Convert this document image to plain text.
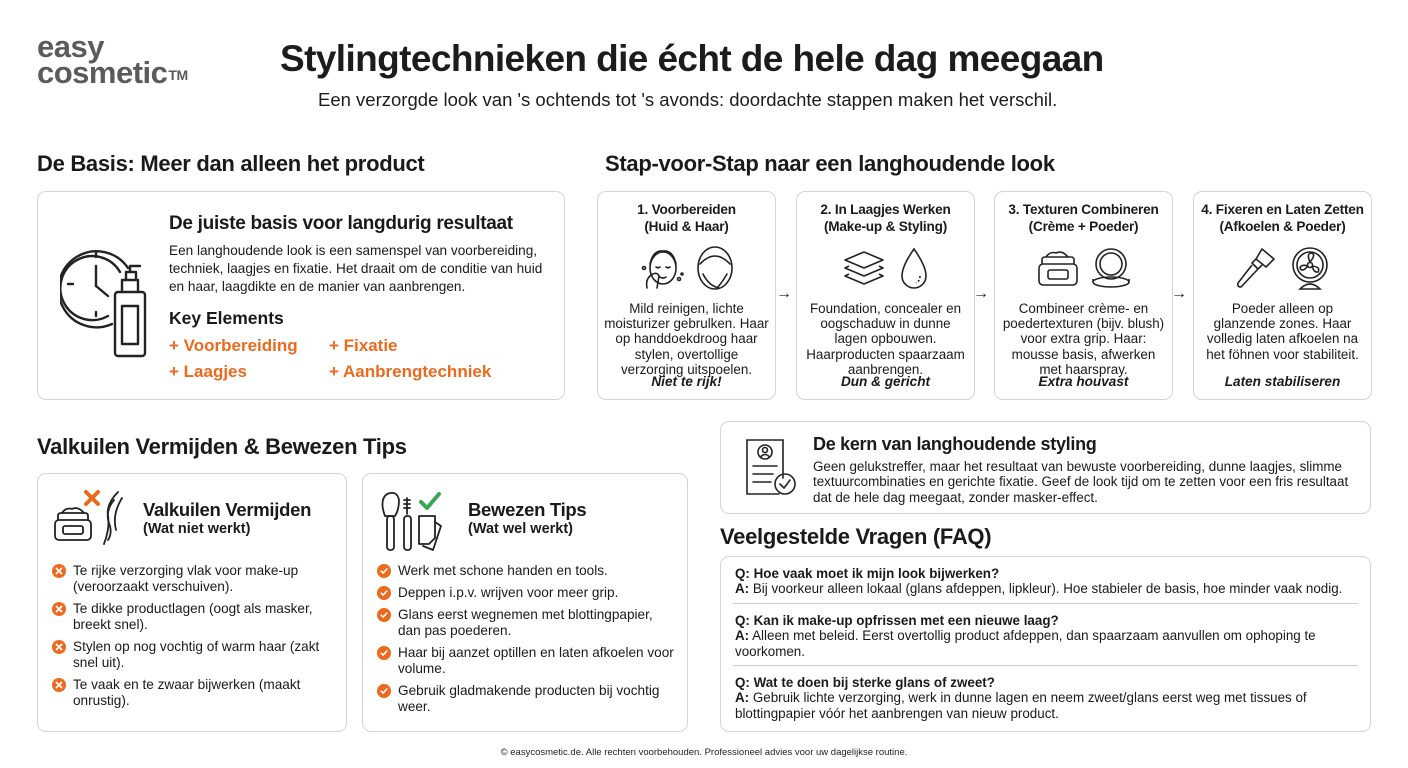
easy
cosmetic™ Stylingtechnieken die écht de hele dag meegaan
Een verzorgde look van 's ochtends tot 's avonds: doordachte stappen maken het verschil.
De Basis: Meer dan alleen het product
De juiste basis voor langdurig resultaat

Een langhoudende look is een samenspel van voorbereiding, techniek, laagjes en fixatie. Het draait om de conditie van huid en haar, laagdikte en de manier van aanbrengen.

Key Elements
+ Voorbereiding	+ Fixatie
+ Laagjes	+ Aanbrengtechniek
Stap-voor-Stap naar een langhoudende look
1. Voorbereiden
(Huid & Haar)

Mild reinigen, lichte moisturizer gebrulken. Haar op handdoekdroog haar stylen, overtollige verzorging uitspoelen.

Niet te rijk!
→
2. In Laagjes Werken
(Make-up & Styling)

Foundation, concealer en oogschaduw in dunne lagen opbouwen. Haarproducten spaarzaam aanbrengen.

Dun & gericht
→
3. Texturen Combineren
(Crème + Poeder)

Combineer crème- en poedertexturen (bijv. blush) voor extra grip. Haar: mousse basis, afwerken met haarspray.

Extra houvast
→
4. Fixeren en Laten Zetten
(Afkoelen & Poeder)

Poeder alleen op glanzende zones. Haar volledig laten afkoelen na het föhnen voor stabiliteit.

Laten stabiliseren
Valkuilen Vermijden & Bewezen Tips
Valkuilen Vermijden
(Wat niet werkt)
Te rijke verzorging vlak voor make-up (veroorzaakt verschuiven).
Te dikke productlagen (oogt als masker, breekt snel).
Stylen op nog vochtig of warm haar (zakt snel uit).
Te vaak en te zwaar bijwerken (maakt onrustig).
Bewezen Tips
(Wat wel werkt)
Werk met schone handen en tools.
Deppen i.p.v. wrijven voor meer grip.
Glans eerst wegnemen met blottingpapier, dan pas poederen.
Haar bij aanzet optillen en laten afkoelen voor volume.
Gebruik gladmakende producten bij vochtig weer.
De kern van langhoudende styling

Geen gelukstreffer, maar het resultaat van bewuste voorbereiding, dunne laagjes, slimme textuurcombinaties en gerichte fixatie. Geef de look tijd om te zetten voor een fris resultaat dat de hele dag meegaat, zonder masker-effect.

Veelgestelde Vragen (FAQ)
Q: Hoe vaak moet ik mijn look bijwerken?
A: Bij voorkeur alleen lokaal (glans afdeppen, lipkleur). Hoe stabieler de basis, hoe minder vaak nodig.
Q: Kan ik make-up opfrissen met een nieuwe laag?
A: Alleen met beleid. Eerst overtollig product afdeppen, dan spaarzaam aanvullen om ophoping te voorkomen.
Q: Wat te doen bij sterke glans of zweet?
A: Gebruik lichte verzorging, werk in dunne lagen en neem zweet/glans eerst weg met tissues of blottingpapier vóór het aanbrengen van nieuw product.
© easycosmetic.de. Alle rechten voorbehouden. Professioneel advies voor uw dagelijkse routine.
